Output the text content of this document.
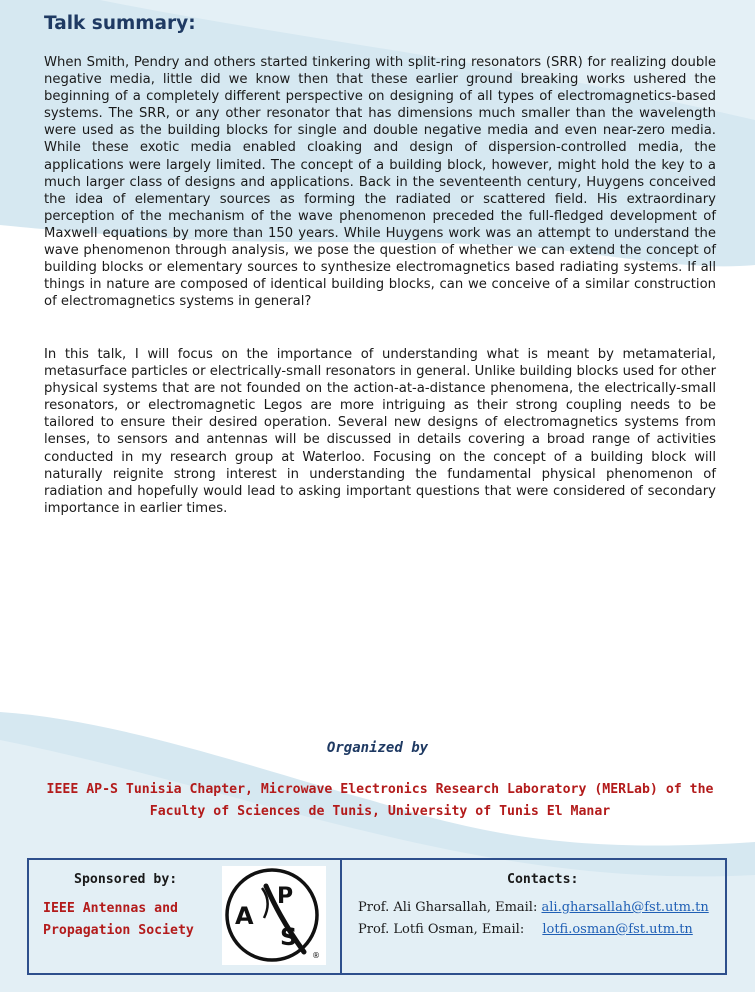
Talk summary:

When Smith, Pendry and others started tinkering with split-ring resonators (SRR) for realizing double negative media, little did we know then that these earlier ground breaking works ushered the beginning of a completely different perspective on designing of all types of electromagnetics-based systems. The SRR, or any other resonator that has dimensions much smaller than the wavelength were used as the building blocks for single and double negative media and even near-zero media. While these exotic media enabled cloaking and design of dispersion-controlled media, the applications were largely limited. The concept of a building block, however, might hold the key to a much larger class of designs and applications. Back in the seventeenth century, Huygens conceived the idea of elementary sources as forming the radiated or scattered field. His extraordinary perception of the mechanism of the wave phenomenon preceded the full-fledged development of Maxwell equations by more than 150 years. While Huygens work was an attempt to understand the wave phenomenon through analysis, we pose the question of whether we can extend the concept of building blocks or elementary sources to synthesize electromagnetics based radiating systems. If all things in nature are composed of identical building blocks, can we conceive of a similar construction of electromagnetics systems in general?

In this talk, I will focus on the importance of understanding what is meant by metamaterial, metasurface particles or electrically-small resonators in general. Unlike building blocks used for other physical systems that are not founded on the action-at-a-distance phenomena, the electrically-small resonators, or electromagnetic Legos are more intriguing as their strong coupling needs to be tailored to ensure their desired operation. Several new designs of electromagnetics systems from lenses, to sensors and antennas will be discussed in details covering a broad range of activities conducted in my research group at Waterloo. Focusing on the concept of a building block will naturally reignite strong interest in understanding the fundamental physical phenomenon of radiation and hopefully would lead to asking important questions that were considered of secondary importance in earlier times.

Organized by
IEEE AP-S Tunisia Chapter, Microwave Electronics Research Laboratory (MERLab) of the
Faculty of Sciences de Tunis, University of Tunis El Manar
Sponsored by:
IEEE Antennas and
Propagation Society
A
P
S
®
Contacts:
Prof. Ali Gharsallah, Email: ali.gharsallah@fst.utm.tn
Prof. Lotfi Osman, Email: lotfi.osman@fst.utm.tn
